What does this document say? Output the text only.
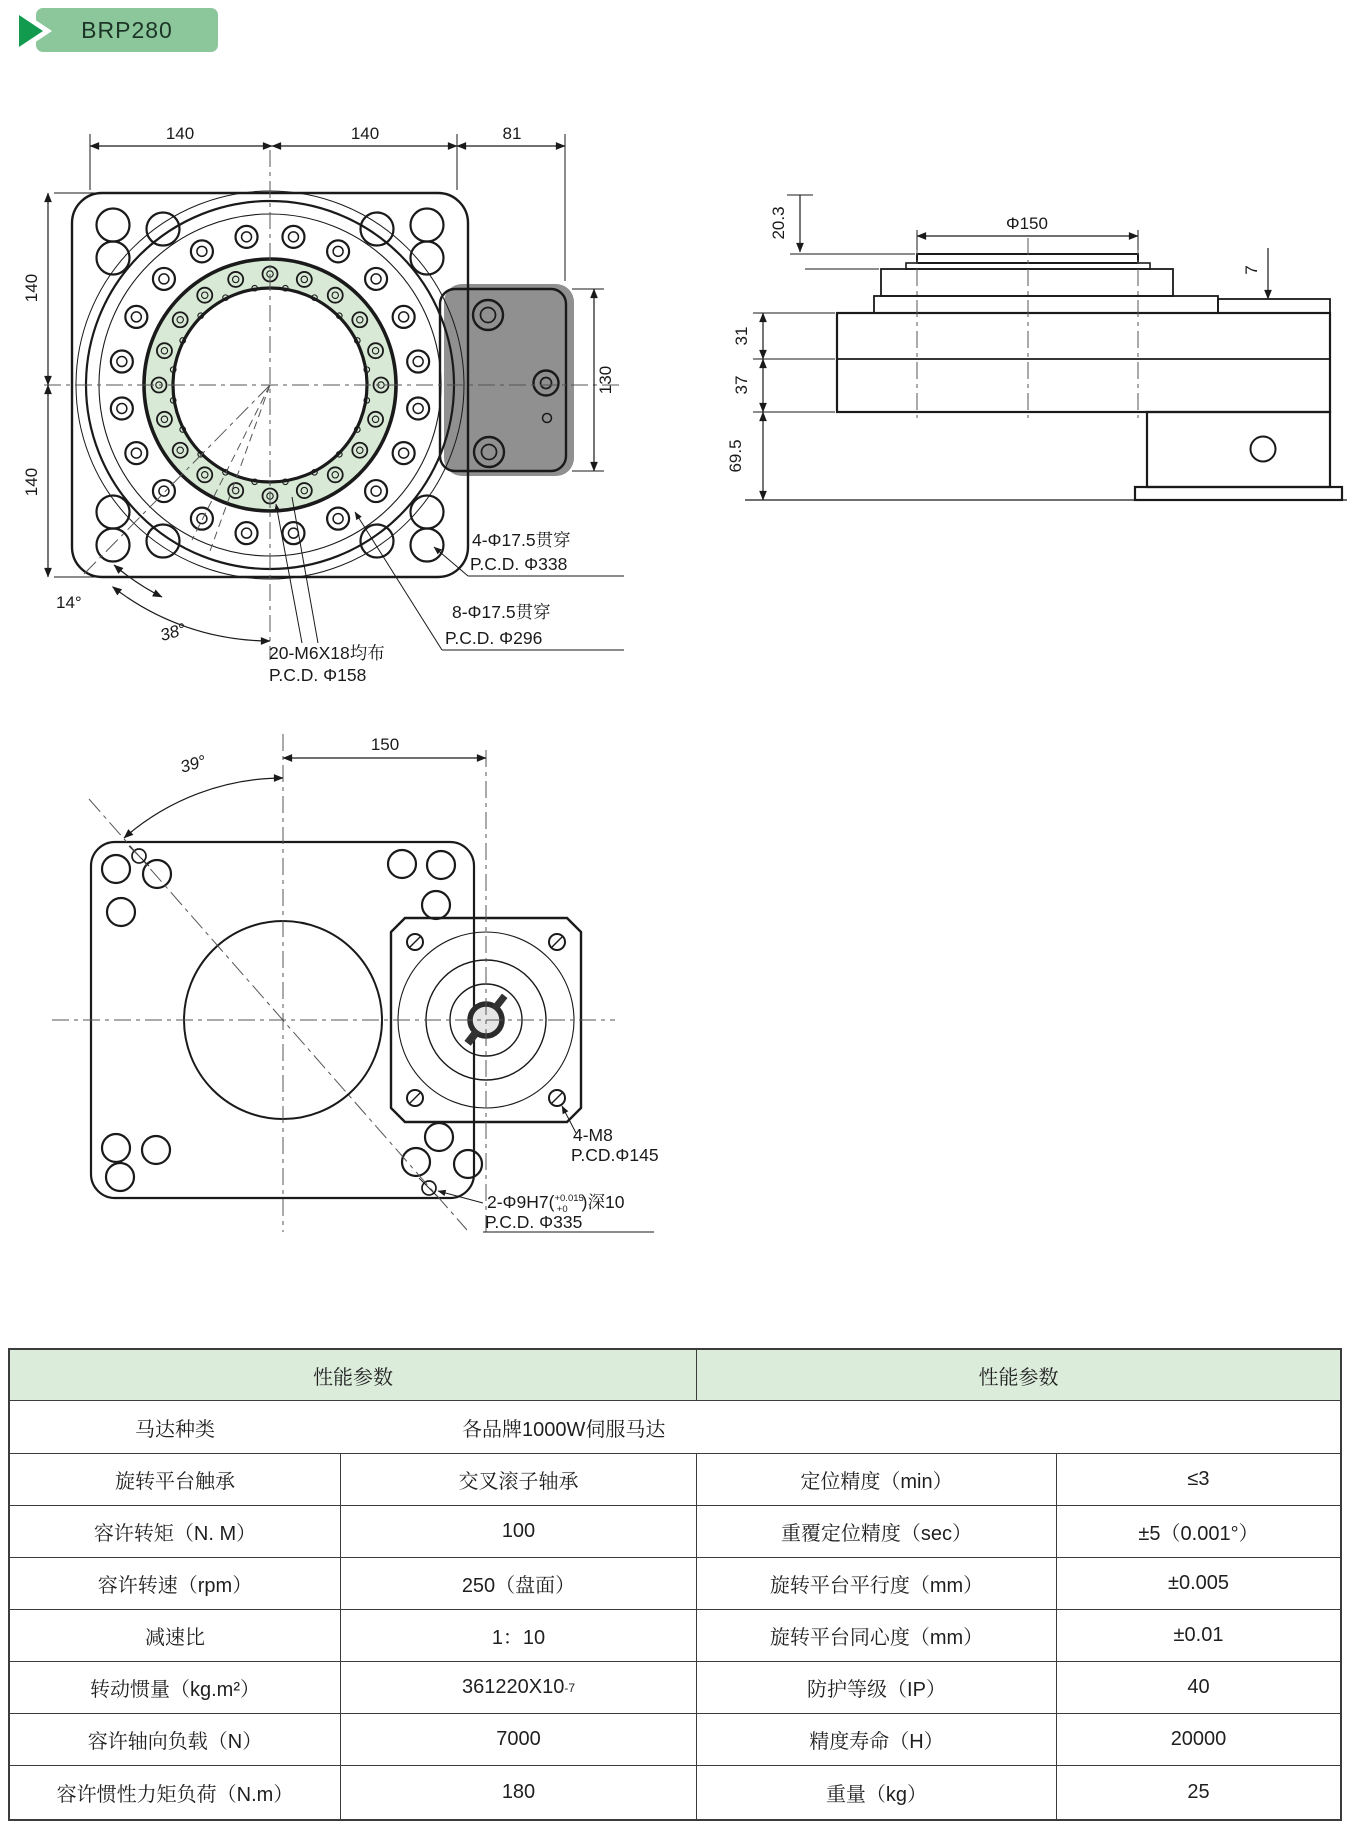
BRP280
14°
38°
140	140	81
140
140
130
4-Φ17.5贯穿
P.C.D. Φ338
8-Φ17.5贯穿
P.C.D. Φ296
20-M6X18均布
P.C.D. Φ158
20.3	Φ150
7
31
37
69.5
39°
150
4-M8
P.CD.Φ145
2-Φ9H7($^{+0.015}$ +0 )深10
P.C.D. Φ335
性能参数	性能参数
马达种类	各品牌1000W伺服马达
旋转平台触承	交叉滚子轴承	定位精度（min）	≤3
容许转矩（N. M）	100	重覆定位精度（sec）	±5（0.001°）
容许转速（rpm）	250（盘面）	旋转平台平行度（mm）	±0.005
减速比	1：10	旋转平台同心度（mm）	±0.01
转动惯量（kg.m²）	361220X10 -7	防护等级（IP）	40
容许轴向负载（N）	7000	精度寿命（H）	20000
容许惯性力矩负荷（N.m）	180	重量（kg）	25
